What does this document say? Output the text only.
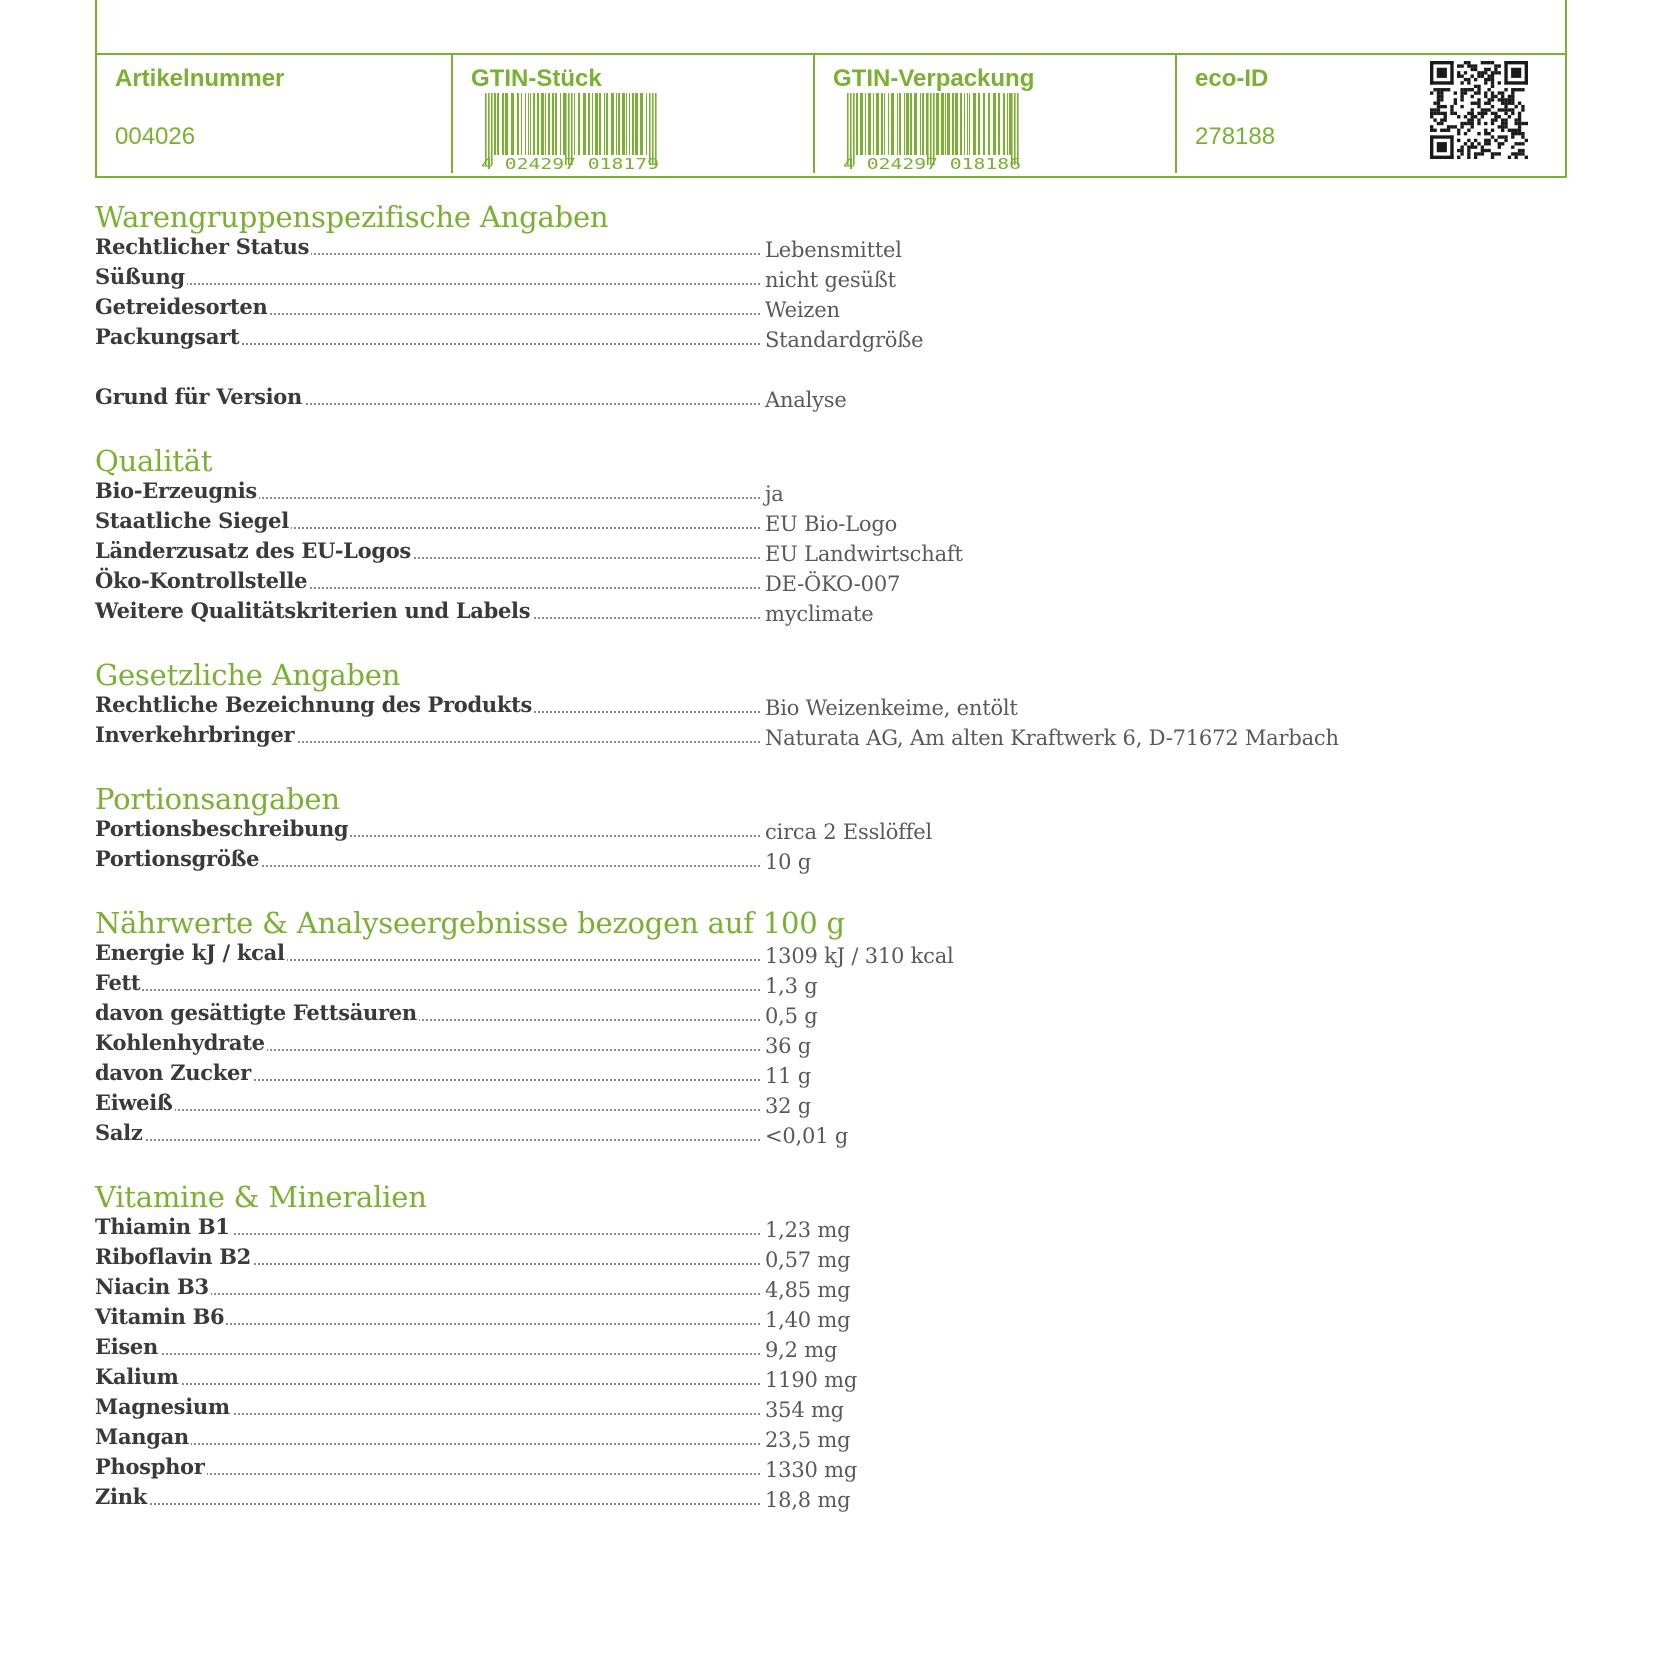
Artikelnummer
004026
GTIN-Stück
4 024297 018179
GTIN-Verpackung
4 024297 018186
eco-ID
278188
Warengruppenspezifische Angaben
Rechtlicher Status	Lebensmittel
Süßung	nicht gesüßt
Getreidesorten	Weizen
Packungsart	Standardgröße
Grund für Version	Analyse
Qualität
Bio-Erzeugnis	ja
Staatliche Siegel	EU Bio-Logo
Länderzusatz des EU-Logos	EU Landwirtschaft
Öko-Kontrollstelle	DE-ÖKO-007
Weitere Qualitätskriterien und Labels	myclimate
Gesetzliche Angaben
Rechtliche Bezeichnung des Produkts	Bio Weizenkeime, entölt
Inverkehrbringer	Naturata AG, Am alten Kraftwerk 6, D-71672 Marbach
Portionsangaben
Portionsbeschreibung	circa 2 Esslöffel
Portionsgröße	10 g
Nährwerte & Analyseergebnisse bezogen auf 100 g
Energie kJ / kcal	1309 kJ / 310 kcal
Fett	1,3 g
davon gesättigte Fettsäuren	0,5 g
Kohlenhydrate	36 g
davon Zucker	11 g
Eiweiß	32 g
Salz	<0,01 g
Vitamine & Mineralien
Thiamin B1	1,23 mg
Riboflavin B2	0,57 mg
Niacin B3	4,85 mg
Vitamin B6	1,40 mg
Eisen	9,2 mg
Kalium	1190 mg
Magnesium	354 mg
Mangan	23,5 mg
Phosphor	1330 mg
Zink	18,8 mg
